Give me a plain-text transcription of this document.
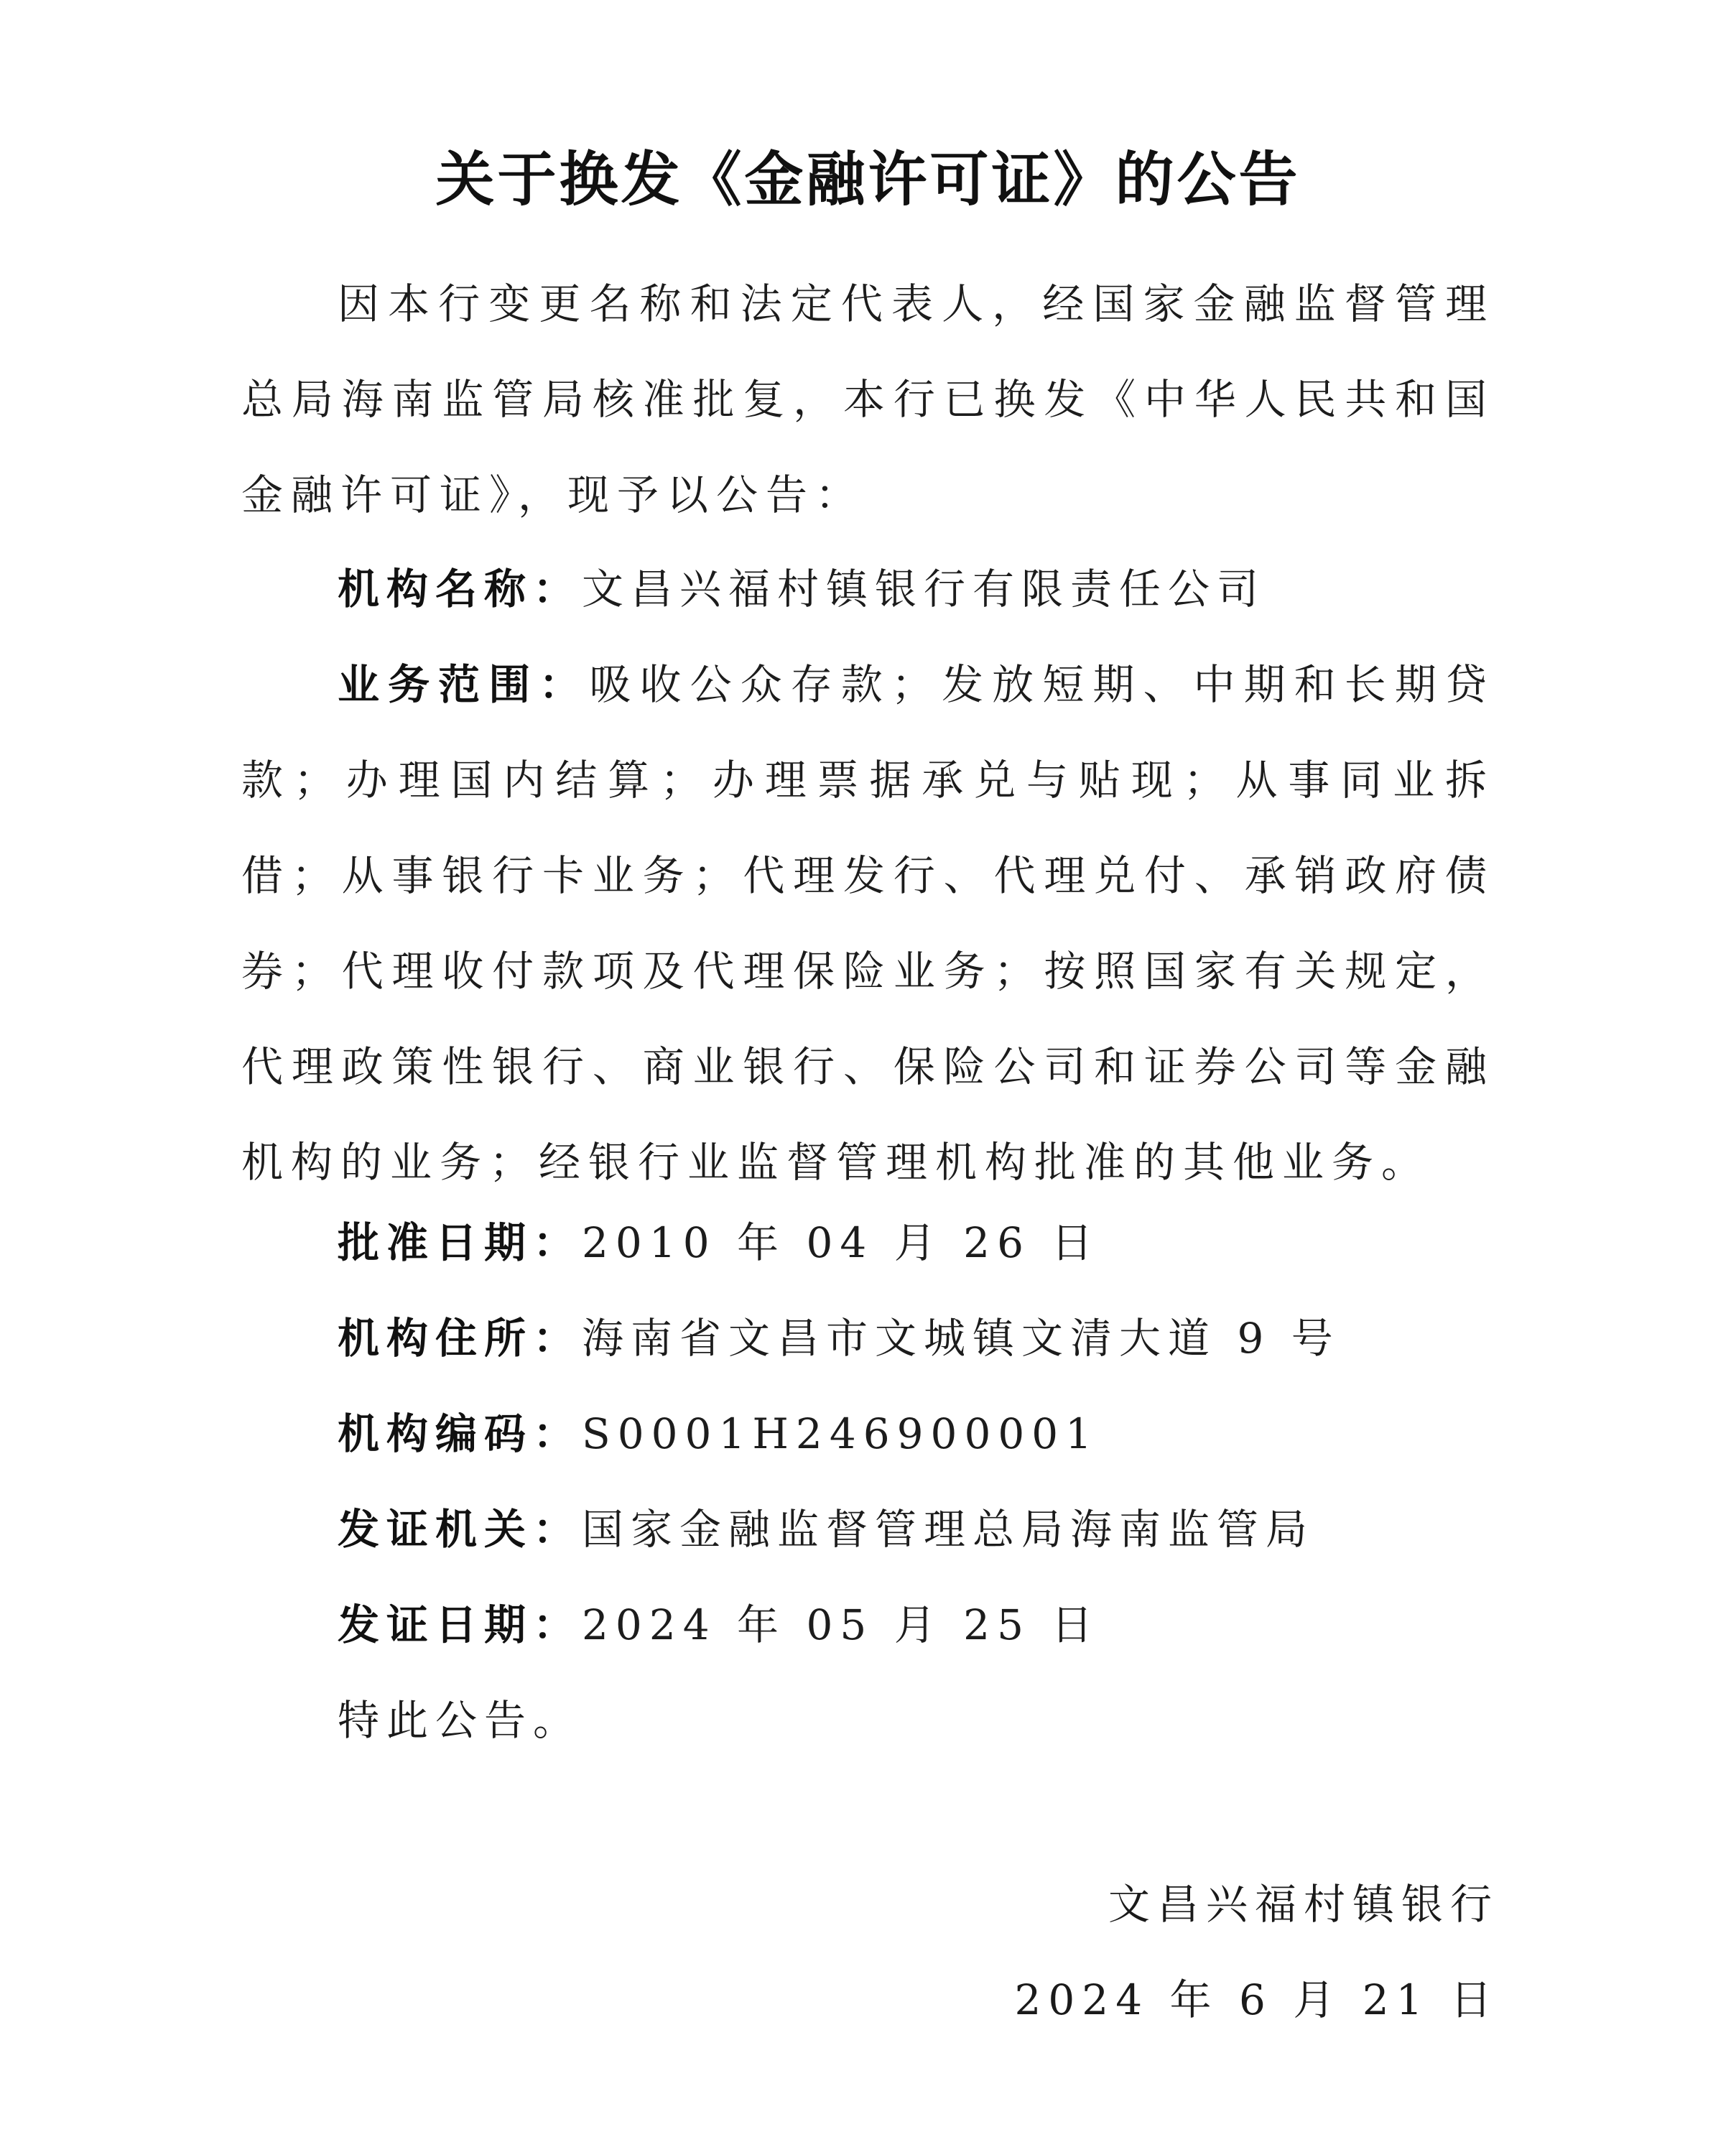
关于换发《金融许可证》的公告
因本行变更名称和法定代表人，经国家金融监督管理总局海南监管局核准批复，本行已换发《中华人民共和国金融许可证》，现予以公告：
机构名称：文昌兴福村镇银行有限责任公司
业务范围：吸收公众存款；发放短期、中期和长期贷款；办理国内结算；办理票据承兑与贴现；从事同业拆借；从事银行卡业务；代理发行、代理兑付、承销政府债券；代理收付款项及代理保险业务；按照国家有关规定，代理政策性银行、商业银行、保险公司和证券公司等金融机构的业务；经银行业监督管理机构批准的其他业务。
批准日期：2010 年 04 月 26 日
机构住所：海南省文昌市文城镇文清大道 9 号
机构编码：S0001H246900001
发证机关：国家金融监督管理总局海南监管局
发证日期：2024 年 05 月 25 日
特此公告。
文昌兴福村镇银行
2024 年 6 月 21 日
